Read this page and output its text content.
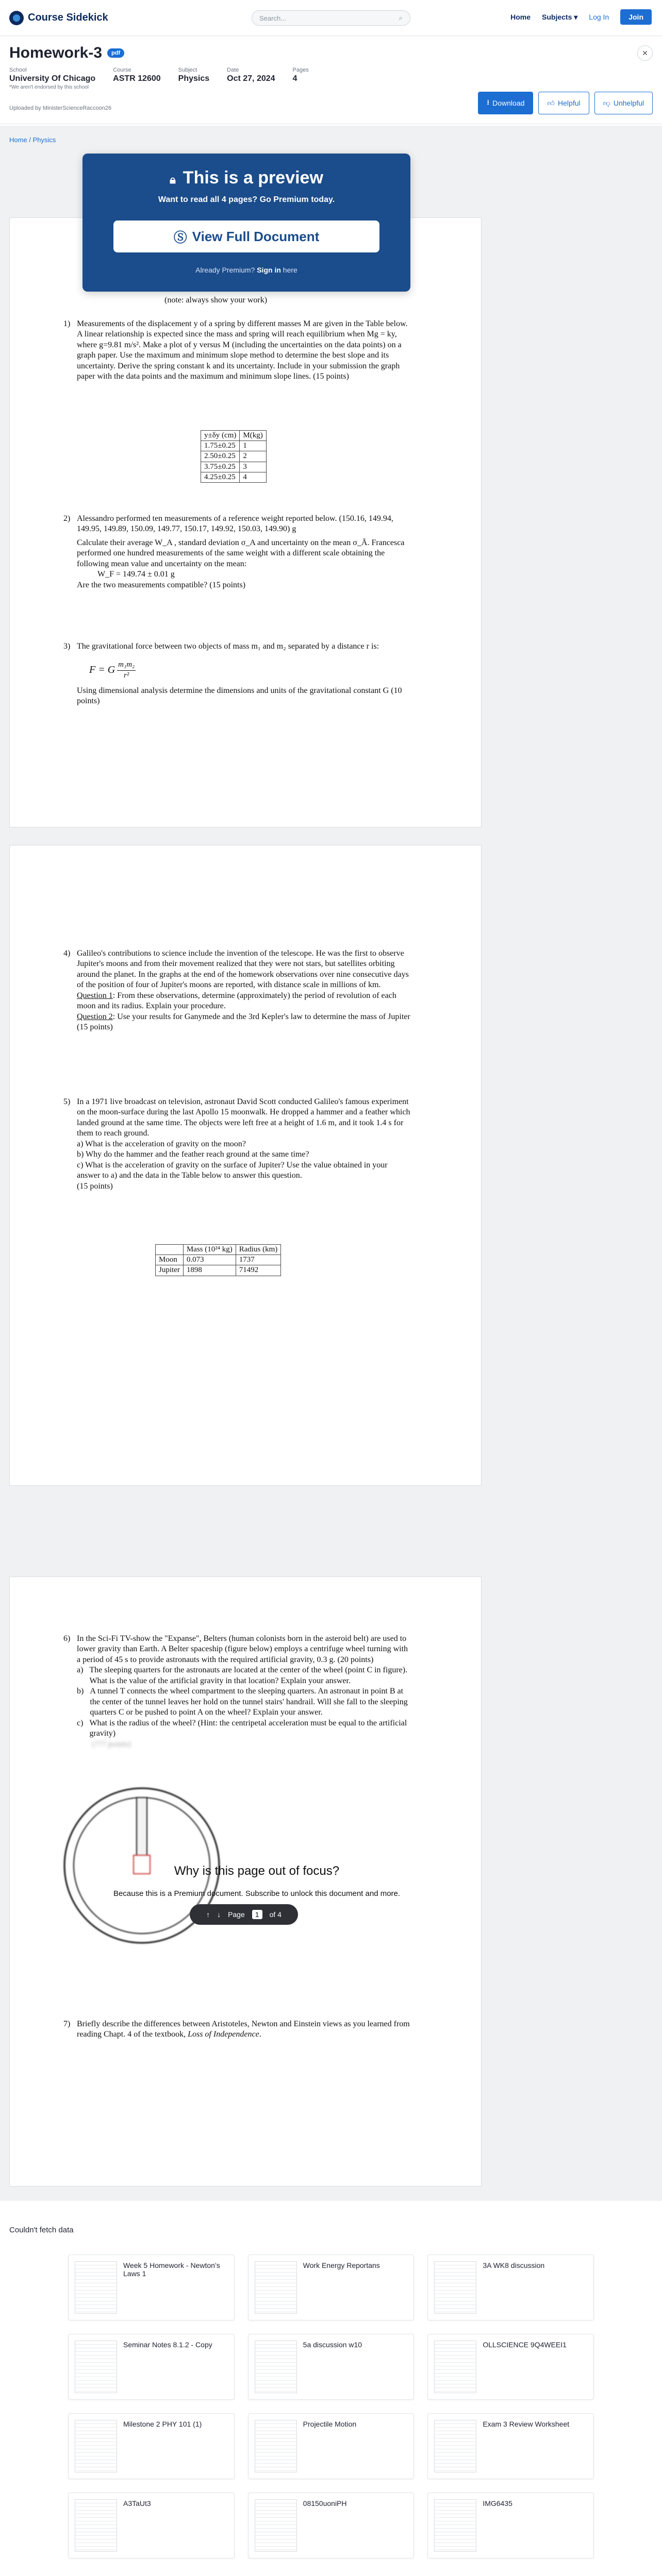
Course Sidekick	Search...	⌕	Home Subjects ▾ Log In	Join
Homework-3	pdf
School
University Of Chicago
*We aren't endorsed by this school
Course
ASTR 12600
Subject
Physics
Date
Oct 27, 2024
Pages
4
✕
Uploaded by MinisterScienceRaccoon26
⭳ Download	👍︎ Helpful	👎︎ Unhelpful
Home / Physics
(note: always show your work)
1) Measurements of the displacement y of a spring by different masses M are given in the Table below. A linear relationship is expected since the mass and spring will reach equilibrium when Mg = ky, where g=9.81 m/s². Make a plot of y versus M (including the uncertainties on the data points) on a graph paper. Use the maximum and minimum slope method to determine the best slope and its uncertainty. Derive the spring constant k and its uncertainty. Include in your submission the graph paper with the data points and the maximum and minimum slope lines. (15 points)

y±δy (cm)	M(kg)
1.75±0.25	1
2.50±0.25	2
3.75±0.25	3
4.25±0.25	4
2) Alessandro performed ten measurements of a reference weight reported below. (150.16, 149.94, 149.95, 149.89, 150.09, 149.77, 150.17, 149.92, 150.03, 149.90) g

Calculate their average W_A , standard deviation σ_A and uncertainty on the mean σ_Ā. Francesca performed one hundred measurements of the same weight with a different scale obtaining the following mean value and uncertainty on the mean:

W_F = 149.74 ± 0.01 g

Are the two measurements compatible? (15 points)

3) The gravitational force between two objects of mass m₁ and m₂ separated by a distance r is:

F = G $\frac{\text{m₁m₂}}{\text{r²}}$

Using dimensional analysis determine the dimensions and units of the gravitational constant G (10 points)

4) Galileo's contributions to science include the invention of the telescope. He was the first to observe Jupiter's moons and from their movement realized that they were not stars, but satellites orbiting around the planet. In the graphs at the end of the homework observations over nine consecutive days of the position of four of Jupiter's moons are reported, with distance scale in millions of km.

Question 1: From these observations, determine (approximately) the period of revolution of each moon and its radius. Explain your procedure.

Question 2: Use your results for Ganymede and the 3rd Kepler's law to determine the mass of Jupiter

(15 points)

5) In a 1971 live broadcast on television, astronaut David Scott conducted Galileo's famous experiment on the moon-surface during the last Apollo 15 moonwalk. He dropped a hammer and a feather which landed ground at the same time. The objects were left free at a height of 1.6 m, and it took 1.4 s for them to reach ground.

a) What is the acceleration of gravity on the moon?

b) Why do the hammer and the feather reach ground at the same time?

c) What is the acceleration of gravity on the surface of Jupiter? Use the value obtained in your answer to a) and the data in the Table below to answer this question.

(15 points)

	Mass (10²⁴ kg)	Radius (km)
Moon	0.073	1737
Jupiter	1898	71492
6) In the Sci-Fi TV-show the "Expanse", Belters (human colonists born in the asteroid belt) are used to lower gravity than Earth. A Belter spaceship (figure below) employs a centrifuge wheel turning with a period of 45 s to provide astronauts with the required artificial gravity, 0.3 g. (20 points)

a) The sleeping quarters for the astronauts are located at the center of the wheel (point C in figure). What is the value of the artificial gravity in that location? Explain your answer.
b) A tunnel T connects the wheel compartment to the sleeping quarters. An astronaut in point B at the center of the tunnel leaves her hold on the tunnel stairs' handrail. Will she fall to the sleeping quarters C or be pushed to point A on the wheel? Explain your answer.
c) What is the radius of the wheel? (Hint: the centripetal acceleration must be equal to the artificial gravity)

(??? points)

Why is this page out of focus?
Because this is a Premium document. Subscribe to unlock this document and more.
7) Briefly describe the differences between Aristoteles, Newton and Einstein views as you learned from reading Chapt. 4 of the textbook, Loss of Independence.

↑ ↓ Page	1	of 4
🔒︎ This is a preview
Want to read all 4 pages? Go Premium today.
Ⓢ View Full Document
Already Premium? Sign in here
Couldn't fetch data
Week 5 Homework - Newton’s Laws 1
Work Energy Reportans	3A WK8 discussion
Seminar Notes 8.1.2 - Copy	5a discussion w10	OLLSCIENCE 9Q4WEEI1
Milestone 2 PHY 101 (1)	Projectile Motion	Exam 3 Review Worksheet
A3TaUt3	08150uoniPH	IMG6435
